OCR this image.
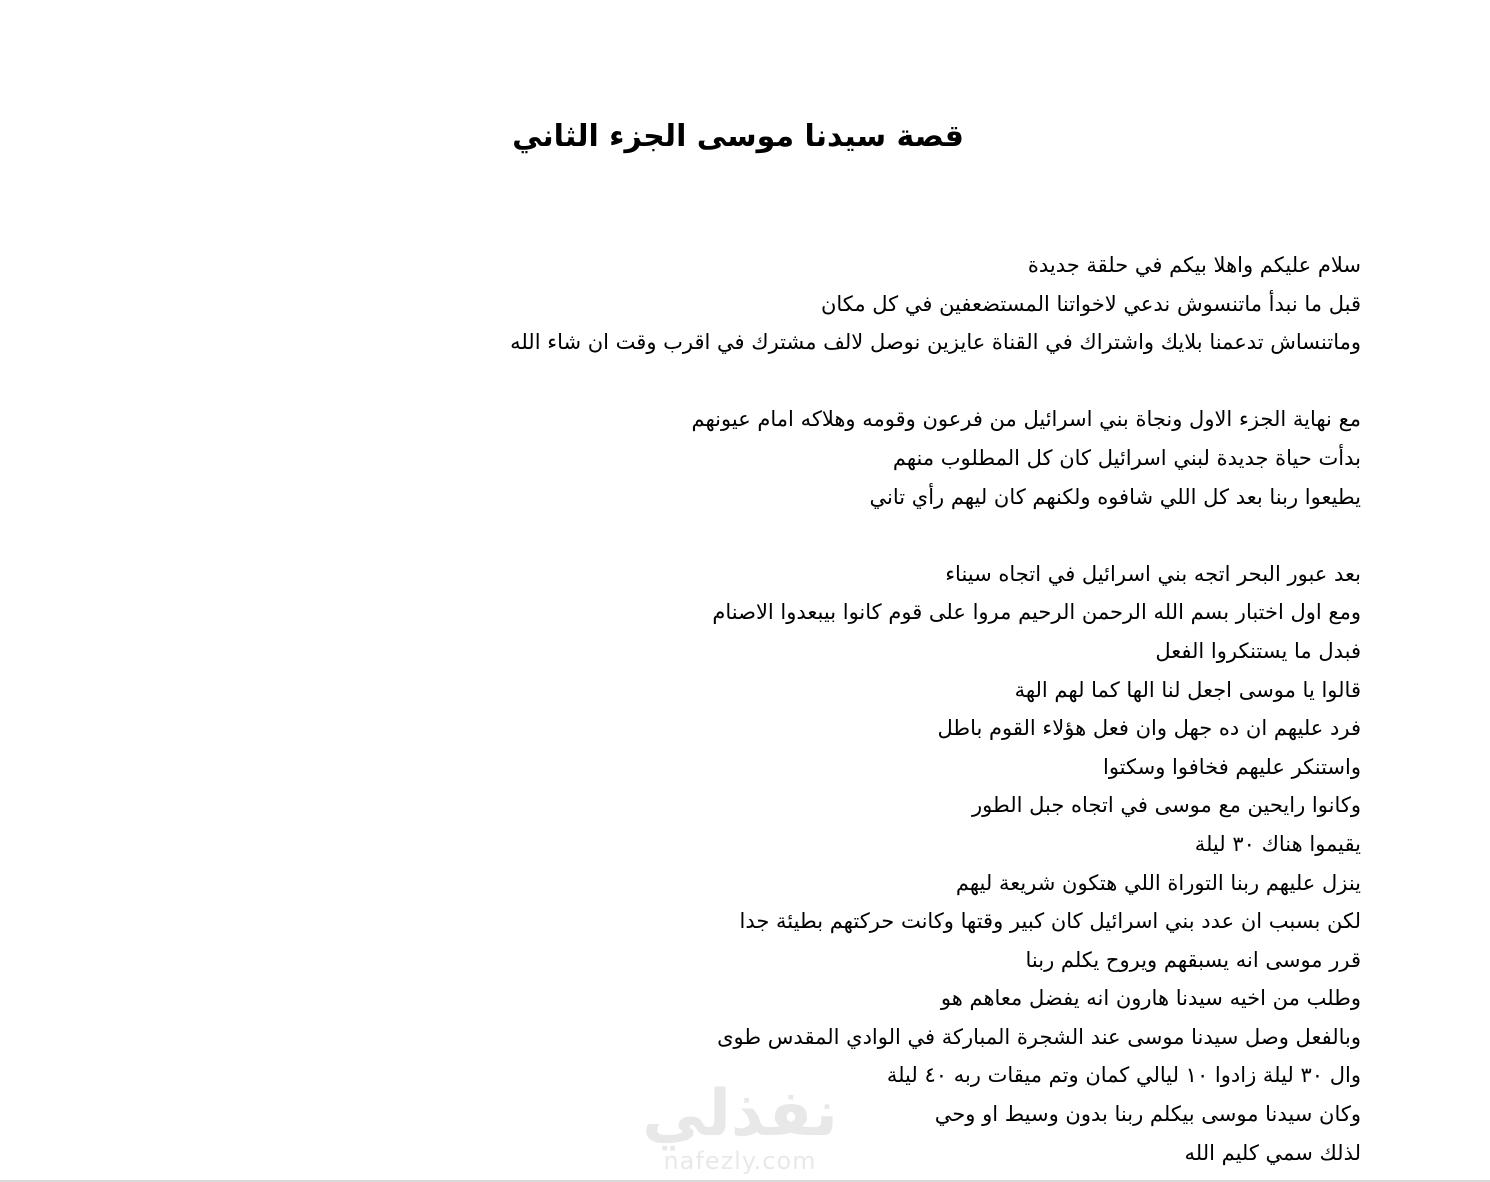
قصة سيدنا موسى الجزء الثاني
سلام عليكم واهلا بيكم في حلقة جديدة
قبل ما نبدأ ماتنسوش ندعي لاخواتنا المستضعفين في كل مكان
وماتنساش تدعمنا بلايك واشتراك في القناة عايزين نوصل لالف مشترك في اقرب وقت ان شاء الله
مع نهاية الجزء الاول ونجاة بني اسرائيل من فرعون وقومه وهلاكه امام عيونهم
بدأت حياة جديدة لبني اسرائيل كان كل المطلوب منهم
يطيعوا ربنا بعد كل اللي شافوه ولكنهم كان ليهم رأي تاني
بعد عبور البحر اتجه بني اسرائيل في اتجاه سيناء
ومع اول اختبار بسم الله الرحمن الرحيم مروا على قوم كانوا بيبعدوا الاصنام
فبدل ما يستنكروا الفعل
قالوا يا موسى اجعل لنا الها كما لهم الهة
فرد عليهم ان ده جهل وان فعل هؤلاء القوم باطل
واستنكر عليهم فخافوا وسكتوا
وكانوا رايحين مع موسى في اتجاه جبل الطور
يقيموا هناك ٣٠ ليلة
ينزل عليهم ربنا التوراة اللي هتكون شريعة ليهم
لكن بسبب ان عدد بني اسرائيل كان كبير وقتها وكانت حركتهم بطيئة جدا
قرر موسى انه يسبقهم ويروح يكلم ربنا
وطلب من اخيه سيدنا هارون انه يفضل معاهم هو
وبالفعل وصل سيدنا موسى عند الشجرة المباركة في الوادي المقدس طوى
وال ٣٠ ليلة زادوا ١٠ ليالي كمان وتم ميقات ربه ٤٠ ليلة
وكان سيدنا موسى بيكلم ربنا بدون وسيط او وحي
لذلك سمي كليم الله
نفذلي
nafezly.com
